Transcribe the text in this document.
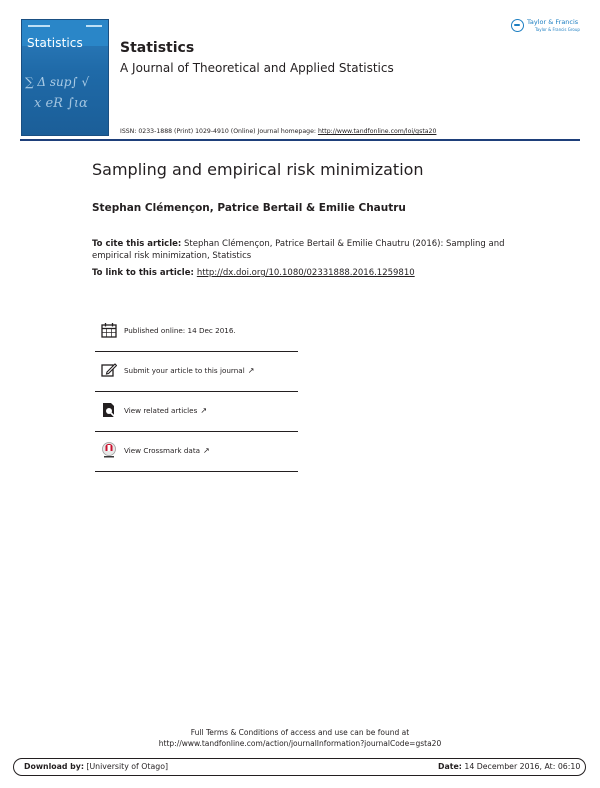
Statistics
∑ Δ sup∫ √
x eR ∫ια
Taylor & Francis
Taylor & Francis Group
Statistics
A Journal of Theoretical and Applied Statistics
ISSN: 0233-1888 (Print) 1029-4910 (Online) Journal homepage: http://www.tandfonline.com/loi/gsta20
Sampling and empirical risk minimization
Stephan Clémençon, Patrice Bertail & Emilie Chautru
To cite this article: Stephan Clémençon, Patrice Bertail & Emilie Chautru (2016): Sampling and empirical risk minimization, Statistics
To link to this article: http://dx.doi.org/10.1080/02331888.2016.1259810
Published online: 14 Dec 2016.
Submit your article to this journal ↗
View related articles ↗
View Crossmark data ↗
Full Terms & Conditions of access and use can be found at
http://www.tandfonline.com/action/journalInformation?journalCode=gsta20
Download by: [University of Otago]	Date: 14 December 2016, At: 06:10
